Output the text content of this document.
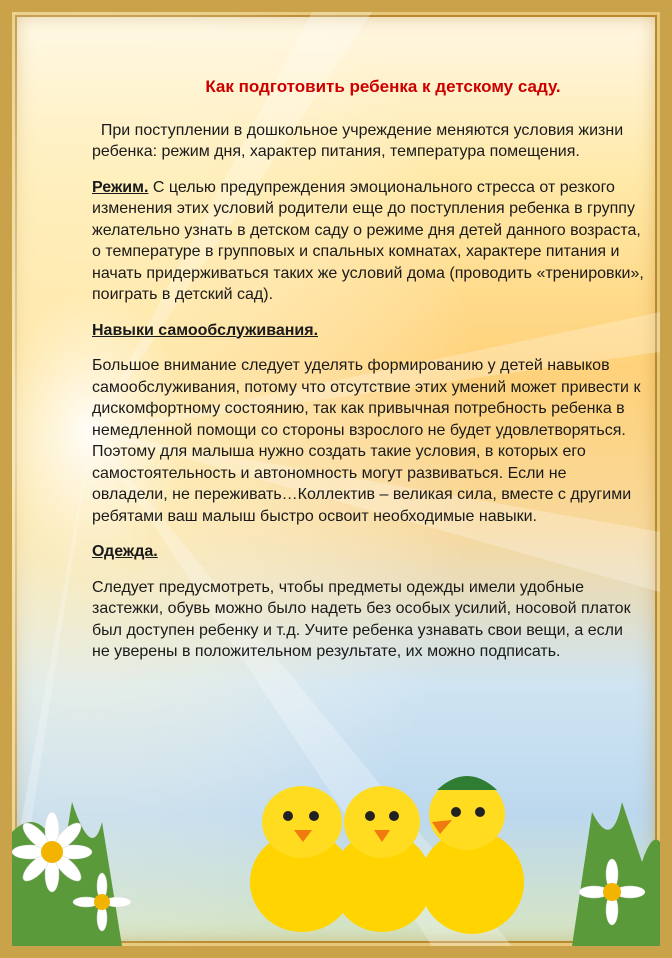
Как подготовить ребенка к детскому саду.

При поступлении в дошкольное учреждение меняются условия жизни ребенка: режим дня, характер питания, температура помещения.

Режим. С целью предупреждения эмоционального стресса от резкого изменения этих условий родители еще до поступления ребенка в группу желательно узнать в детском саду о режиме дня детей данного возраста, о температуре в групповых и спальных комнатах, характере питания и начать придерживаться таких же условий дома (проводить «тренировки», поиграть в детский сад).

Навыки самообслуживания.

Большое внимание следует уделять формированию у детей навыков самообслуживания, потому что отсутствие этих умений может привести к дискомфортному состоянию, так как привычная потребность ребенка в немедленной помощи со стороны взрослого не будет удовлетворяться. Поэтому для малыша нужно создать такие условия, в которых его самостоятельность и автономность могут развиваться. Если не овладели, не переживать…Коллектив – великая сила, вместе с другими ребятами ваш малыш быстро освоит необходимые навыки.

Одежда.

Следует предусмотреть, чтобы предметы одежды имели удобные застежки, обувь можно было надеть без особых усилий, носовой платок был доступен ребенку и т.д. Учите ребенка узнавать свои вещи, а если не уверены в положительном результате, их можно подписать.
